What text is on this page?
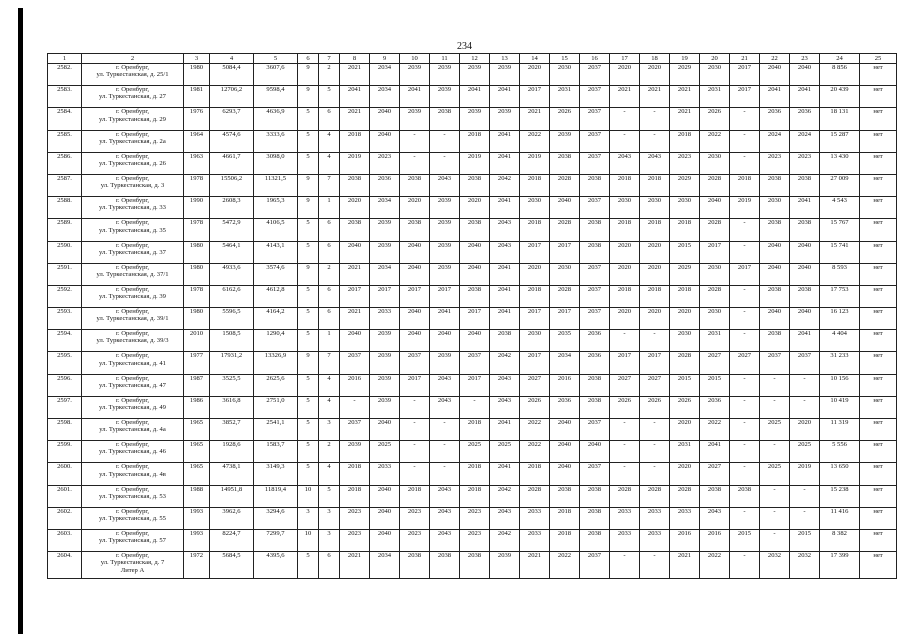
234
1	2	3	4	5	6	7	8	9	10	11	12	13	14	15	16	17	18	19	20	21	22	23	24	25
2582.	г. Оренбург,
ул. Туркестанская, д. 25/1	1980	5084,4	3607,6	9	2	2021	2034	2039	2039	2039	2039	2020	2030	2037	2020	2020	2029	2030	2017	2040	2040	8 856	нет
2583.	г. Оренбург,
ул. Туркестанская, д. 27	1981	12706,2	9598,4	9	5	2041	2034	2041	2039	2041	2041	2017	2031	2037	2021	2021	2021	2031	2017	2041	2041	20 439	нет
2584.	г. Оренбург,
ул. Туркестанская, д. 29	1976	6293,7	4636,9	5	6	2021	2040	2039	2038	2039	2039	2021	2026	2037	-	-	2021	2026	-	2036	2036	18 131	нет
2585.	г. Оренбург,
ул. Туркестанская, д. 2а	1964	4574,6	3333,6	5	4	2018	2040	-	-	2018	2041	2022	2039	2037	-	-	2018	2022	-	2024	2024	15 287	нет
2586.	г. Оренбург,
ул. Туркестанская, д. 26	1963	4661,7	3098,0	5	4	2019	2023	-	-	2019	2041	2019	2038	2037	2043	2043	2023	2030	-	2023	2023	13 430	нет
2587.	г. Оренбург,
ул. Туркестанская, д. 3	1978	15506,2	11321,5	9	7	2038	2036	2038	2043	2038	2042	2018	2028	2038	2018	2018	2029	2028	2018	2038	2038	27 009	нет
2588.	г. Оренбург,
ул. Туркестанская, д. 33	1990	2608,3	1965,3	9	1	2020	2034	2020	2039	2020	2041	2030	2040	2037	2030	2030	2030	2040	2019	2030	2041	4 543	нет
2589.	г. Оренбург,
ул. Туркестанская, д. 35	1978	5472,9	4106,5	5	6	2038	2039	2038	2039	2038	2043	2018	2028	2038	2018	2018	2018	2028	-	2038	2038	15 767	нет
2590.	г. Оренбург,
ул. Туркестанская, д. 37	1980	5464,1	4143,1	5	6	2040	2039	2040	2039	2040	2043	2017	2017	2038	2020	2020	2015	2017	-	2040	2040	15 741	нет
2591.	г. Оренбург,
ул. Туркестанская, д. 37/1	1980	4933,6	3574,6	9	2	2021	2034	2040	2039	2040	2041	2020	2030	2037	2020	2020	2029	2030	2017	2040	2040	8 593	нет
2592.	г. Оренбург,
ул. Туркестанская, д. 39	1978	6162,6	4612,8	5	6	2017	2017	2017	2017	2038	2041	2018	2028	2037	2018	2018	2018	2028	-	2038	2038	17 753	нет
2593.	г. Оренбург,
ул. Туркестанская, д. 39/1	1980	5596,5	4164,2	5	6	2021	2033	2040	2041	2017	2041	2017	2017	2037	2020	2020	2020	2030	-	2040	2040	16 123	нет
2594.	г. Оренбург,
ул. Туркестанская, д. 39/3	2010	1508,5	1290,4	5	1	2040	2039	2040	2040	2040	2038	2030	2035	2036	-	-	2030	2031	-	2038	2041	4 404	нет
2595.	г. Оренбург,
ул. Туркестанская, д. 41	1977	17931,2	13326,9	9	7	2037	2039	2037	2039	2037	2042	2017	2034	2036	2017	2017	2028	2027	2027	2037	2037	31 233	нет
2596.	г. Оренбург,
ул. Туркестанская, д. 47	1987	3525,5	2625,6	5	4	2016	2039	2017	2043	2017	2043	2027	2016	2038	2027	2027	2015	2015	-	-	-	10 156	нет
2597.	г. Оренбург,
ул. Туркестанская, д. 49	1986	3616,8	2751,0	5	4	-	2039	-	2043	-	2043	2026	2036	2038	2026	2026	2026	2036	-	-	-	10 419	нет
2598.	г. Оренбург,
ул. Туркестанская, д. 4а	1965	3852,7	2541,1	5	3	2037	2040	-	-	2018	2041	2022	2040	2037	-	-	2020	2022	-	2025	2020	11 319	нет
2599.	г. Оренбург,
ул. Туркестанская, д. 46	1965	1928,6	1583,7	5	2	2039	2025	-	-	2025	2025	2022	2040	2040	-	-	2031	2041	-	-	2025	5 556	нет
2600.	г. Оренбург,
ул. Туркестанская, д. 4в	1965	4738,1	3149,3	5	4	2018	2033	-	-	2018	2041	2018	2040	2037	-	-	2020	2027	-	2025	2019	13 650	нет
2601.	г. Оренбург,
ул. Туркестанская, д. 53	1988	14951,8	11819,4	10	5	2018	2040	2018	2043	2018	2042	2028	2038	2038	2028	2028	2028	2038	2038	-	-	15 238	нет
2602.	г. Оренбург,
ул. Туркестанская, д. 55	1993	3962,6	3294,6	3	3	2023	2040	2023	2043	2023	2043	2033	2018	2038	2033	2033	2033	2043	-	-	-	11 416	нет
2603.	г. Оренбург,
ул. Туркестанская, д. 57	1993	8224,7	7299,7	10	3	2023	2040	2023	2043	2023	2042	2033	2018	2038	2033	2033	2016	2016	2015	-	2015	8 382	нет
2604.	г. Оренбург,
ул. Туркестанская, д. 7
Литер А	1972	5684,5	4395,6	5	6	2021	2034	2038	2038	2038	2039	2021	2022	2037	-	-	2021	2022	-	2032	2032	17 399	нет
